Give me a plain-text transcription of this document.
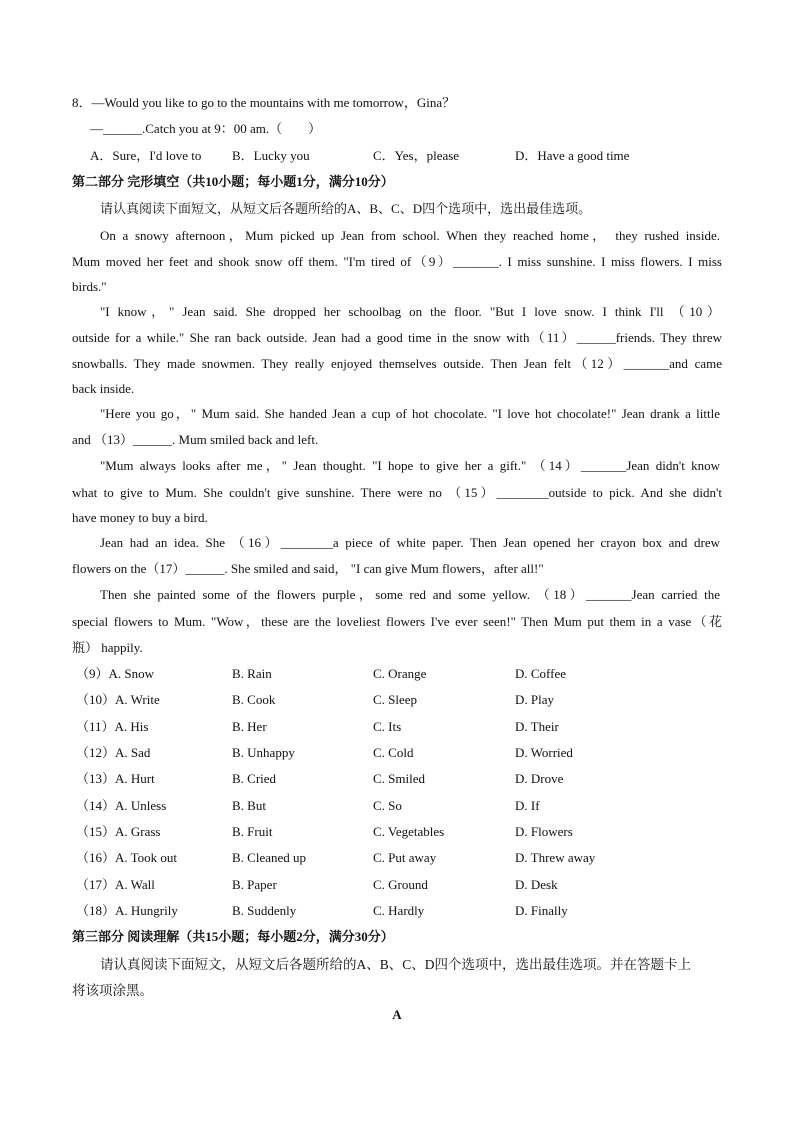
8．—Would you like to go to the mountains with me tomorrow，Gina？
—______.Catch you at 9：00 am.（　　）
A．Sure，I'd love to B．Lucky you	C．Yes，please	D．Have a good time
第二部分 完形填空（共10小题；每小题1分，满分10分）
请认真阅读下面短文，从短文后各题所给的A、B、C、D四个选项中，选出最佳选项。
On a snowy afternoon，Mum picked up Jean from school. When they reached home， they rushed inside.
Mum moved her feet and shook snow off them. "I'm tired of（9）_______. I miss sunshine. I miss flowers. I miss
birds."
"I know，" Jean said. She dropped her schoolbag on the floor. "But I love snow. I think I'll （10）
outside for a while." She ran back outside. Jean had a good time in the snow with（11）______friends. They threw
snowballs. They made snowmen. They really enjoyed themselves outside. Then Jean felt（12）_______and came
back inside.
"Here you go，" Mum said. She handed Jean a cup of hot chocolate. "I love hot chocolate!" Jean drank a little
and （13）______. Mum smiled back and left.
"Mum always looks after me，" Jean thought. "I hope to give her a gift." （14）_______Jean didn't know
what to give to Mum. She couldn't give sunshine. There were no （15）________outside to pick. And she didn't
have money to buy a bird.
Jean had an idea. She （16）________a piece of white paper. Then Jean opened her crayon box and drew
flowers on the（17）______. She smiled and said， "I can give Mum flowers，after all!"
Then she painted some of the flowers purple，some red and some yellow. （18）_______Jean carried the
special flowers to Mum. "Wow，these are the loveliest flowers I've ever seen!" Then Mum put them in a vase（花
瓶） happily.
（9）A. Snow	B. Rain	C. Orange	D. Coffee
（10）A. Write	B. Cook	C. Sleep	D. Play
（11）A. His	B. Her	C. Its	D. Their
（12）A. Sad	B. Unhappy	C. Cold	D. Worried
（13）A. Hurt	B. Cried	C. Smiled	D. Drove
（14）A. Unless	B. But	C. So	D. If
（15）A. Grass	B. Fruit	C. Vegetables	D. Flowers
（16）A. Took out	B. Cleaned up	C. Put away	D. Threw away
（17）A. Wall	B. Paper	C. Ground	D. Desk
（18）A. Hungrily	B. Suddenly	C. Hardly	D. Finally
第三部分 阅读理解（共15小题；每小题2分，满分30分）
请认真阅读下面短文，从短文后各题所给的A、B、C、D四个选项中，选出最佳选项。并在答题卡上
将该项涂黑。
A
